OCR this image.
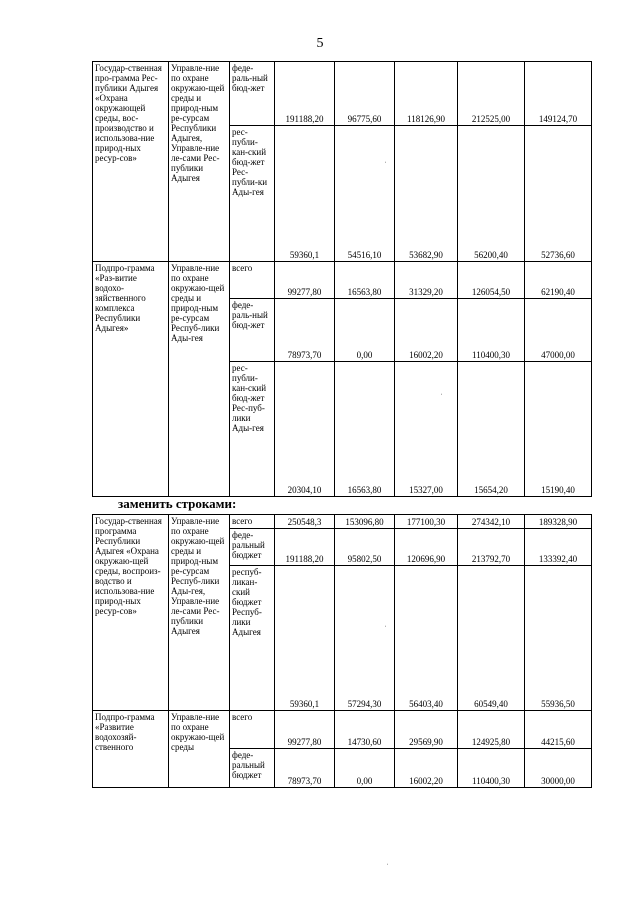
5
Государ-ственная про-грамма Рес-публики Адыгея «Охрана окружающей среды, вос-производство и использова-ние природ-ных ресур-сов»	Управле-ние по охране окружаю-щей среды и природ-ным ре-сурсам Республики Адыгея, Управле-ние ле-сами Рес-публики Адыгея	феде-раль-ный бюд-жет	191188,20	96775,60	118126,90	212525,00	149124,70
		рес-публи-кан-ский бюд-жет Рес-публи-ки Ады-гея	59360,1	54516,10	53682,90	56200,40	52736,60
Подпро-грамма «Раз-витие водохо-зяйственного комплекса Республики Адыгея»	Управле-ние по охране окружаю-щей среды и природ-ным ре-сурсам Респуб-лики Ады-гея	всего	99277,80	16563,80	31329,20	126054,50	62190,40
		феде-раль-ный бюд-жет	78973,70	0,00	16002,20	110400,30	47000,00
		рес-публи-кан-ский бюд-жет Рес-пуб-лики Ады-гея	20304,10	16563,80	15327,00	15654,20	15190,40
заменить строками:
Государ-ственная программа Республики Адыгея «Охрана окружаю-щей среды, воспроиз-водство и использова-ние природ-ных ресур-сов»	Управле-ние по охране окружаю-щей среды и природ-ным ре-сурсам Респуб-лики Ады-гея, Управле-ние ле-сами Рес-публики Адыгея	всего	250548,3	153096,80	177100,30	274342,10	189328,90
		феде-ральный бюджет	191188,20	95802,50	120696,90	213792,70	133392,40
		респуб-ликан-ский бюджет Респуб-лики Адыгея	59360,1	57294,30	56403,40	60549,40	55936,50
Подпро-грамма «Развитие водохозяй-ственного	Управле-ние по охране окружаю-щей среды	всего	99277,80	14730,60	29569,90	124925,80	44215,60
		феде-ральный бюджет	78973,70	0,00	16002,20	110400,30	30000,00
ˌ
ˌ
ˌ
ˌ
